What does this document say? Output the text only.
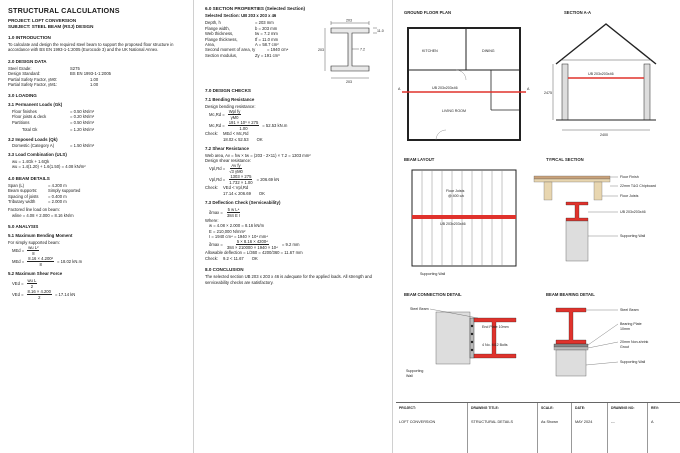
STRUCTURAL CALCULATIONS
PROJECT: LOFT CONVERSION
SUBJECT: STEEL BEAM (RSJ) DESIGN
1.0 INTRODUCTION
To calculate and design the required steel beam to support the proposed floor structure in accordance with BS EN 1993-1-1:2005 (Eurocode 3) and the UK National Annex.
2.0 DESIGN DATA
Steel Grade:	S275
Design Standard:	BS EN 1993-1-1:2005
Partial Safety Factor, γM0:	1.00
Partial Safety Factor, γM1:	1.00
3.0 LOADING
3.1 Permanent Loads (Gk)
Floor finishes	= 0.50 kN/m²
Floor joists & deck	= 0.20 kN/m²
Partitions	= 0.50 kN/m²
Total Gk	= 1.20 kN/m²
3.2 Imposed Loads (Qk)
Domestic (Category A)	= 1.50 kN/m²
3.3 Load Combination (ULS)
wu = 1.4Gk + 1.6Qk
wu = 1.4(1.20) + 1.6(1.50) = 4.08 kN/m²
4.0 BEAM DETAILS
Span (L)	= 4.200 m
Beam supports:	Simply supported
Spacing of joists	= 0.400 m
Tributary width	= 2.000 m
Factored line load on beam:
wline = 4.08 × 2.000 = 8.16 kN/m
5.0 ANALYSIS
5.1 Maximum Bending Moment
For simply supported beam:
MEd = $\frac{\text{wu L²}}{8}$
MEd = $\frac{\text{8.16 × 4.200²}}{8} = 18.02$ kN.m
5.2 Maximum Shear Force
VEd = $\frac{\text{wu L}}{2}$
VEd = $\frac{8.16 \times 4.200}{2} = 17.14$ kN
6.0 SECTION PROPERTIES (Selected Section)
Selected Section: UB 203 x 203 x 46
Depth, h	= 203 mm
Flange width,	b = 203 mm
Web thickness,	tw = 7.2 mm
Flange thickness,	tf = 11.0 mm
Area,	A = 58.7 cm²
Second moment of area, Iy	= 1940 cm⁴
Section modulus,	Zy = 191 cm³
203
203
11.0
7.2
203
7.0 DESIGN CHECKS
7.1 Bending Resistance
Design bending resistance:
$Mc,Rd = \frac{\text{Wpl fy}}{\gamma M0}$
$Mc,Rd = \frac{\text{191 × 10³ × 275}}{1.00} = 52.53$ kN.m
Check:	MEd < Mc,Rd
18.02 ≤ 52.53 OK
7.2 Shear Resistance
Web area, Av = hw × tw = (203 - 2×11) × 7.2 = 1303 mm²
Design shear resistance:
$Vpl,Rd = \frac{\text{Av fy}}{√3 \gamma M0}$
$Vpl,Rd = \frac{1303 \times 275}{1.732 \times 1.00} = 206.69$ kN
Check:	VEd < Vpl,Rd
17.14 ≤ 206.69 OK
7.3 Deflection Check (Serviceability)
$\delta\max = \frac{\text{5 w L⁴}}{\text{384 E I}}$
Where:
w = 4.08 × 2.000 = 8.16 kN/m
E = 210,000 N/mm²
I = 1940 cm⁴ = 1940 × 10⁴ mm⁴
$\delta\max = \frac{\text{5 × 8.16 × 4200⁴}}{\text{384 × 210000 × 1940 × 10⁴}} = 9.2$ mm
Allowable deflection = L/360 = 4200/360 = 11.67 mm
Check:	9.2 < 11.67 OK
8.0 CONCLUSION
The selected section UB 203 x 203 x 46 is adequate for the applied loads. All strength and serviceability checks are satisfactory.
GROUND FLOOR PLAN
KITCHEN	DINING
LIVING ROOM
UB 203x203x46
A	A
SECTION A-A
UB 203x203x46
2475
2400
BEAM LAYOUT
Floor Joists
@ 400 c/c
UB 203x203x46
Supporting Wall
TYPICAL SECTION
Floor Finish
22mm T&G Chipboard
Floor Joists
UB 203x203x46
Supporting Wall
BEAM CONNECTION DETAIL
Steel Beam
End Plate 10mm
4 No. M12 Bolts
Supporting
Wall
BEAM BEARING DETAIL
Steel Beam
Bearing Plate
10mm
20mm Non-shrink
Grout
Supporting Wall
PROJECT:
LOFT CONVERSION
DRAWING TITLE:
STRUCTURAL DETAILS
SCALE:
As Shown
DATE:
MAY 2024
DRAWING NO:
---
REV:
A
